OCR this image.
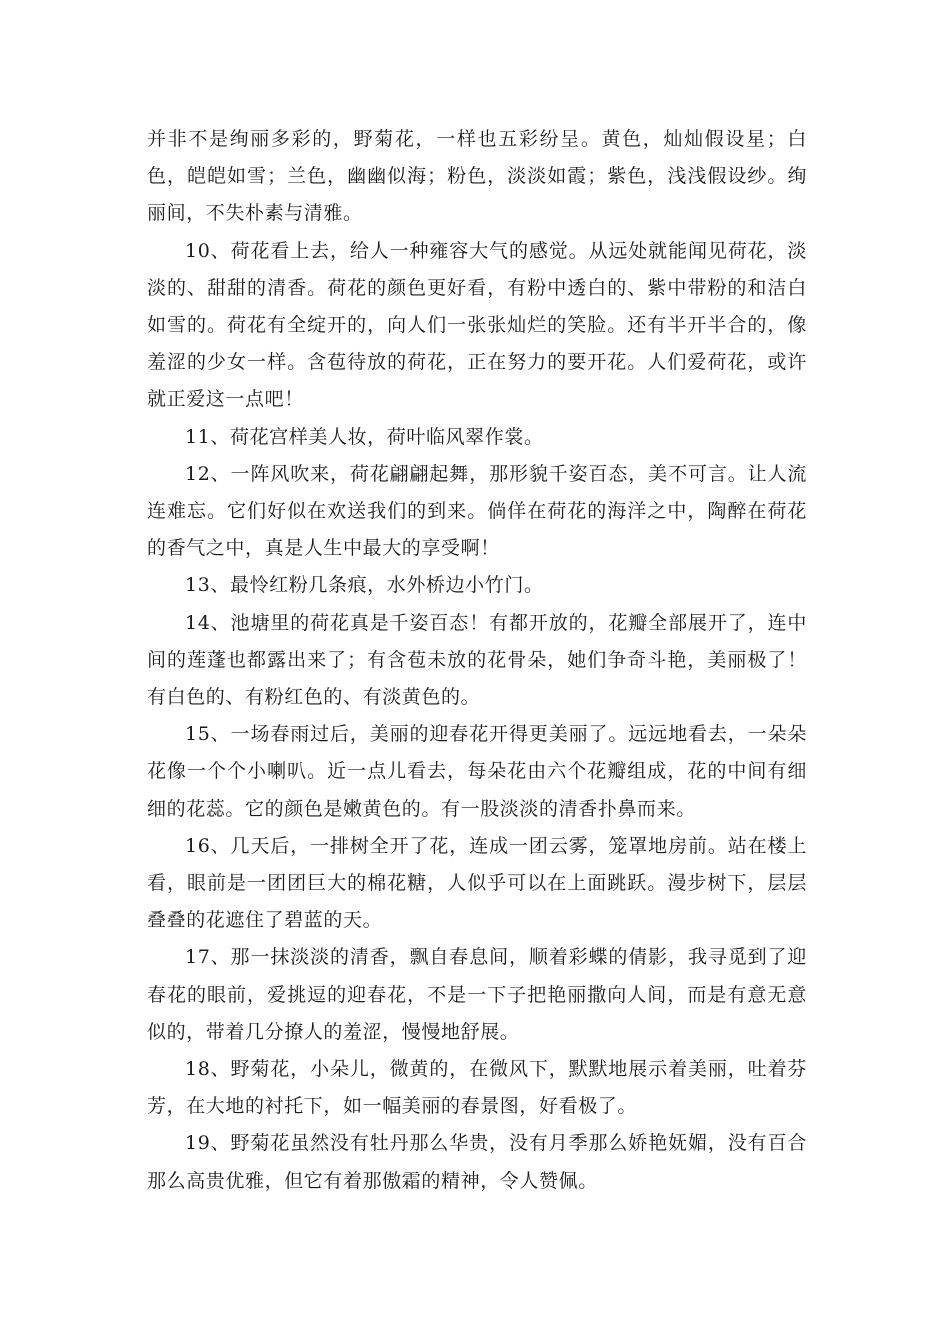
并非不是绚丽多彩的，野菊花，一样也五彩纷呈。黄色，灿灿假设星；白色，皑皑如雪；兰色，幽幽似海；粉色，淡淡如霞；紫色，浅浅假设纱。绚丽间，不失朴素与清雅。

10、荷花看上去，给人一种雍容大气的感觉。从远处就能闻见荷花，淡淡的、甜甜的清香。荷花的颜色更好看，有粉中透白的、紫中带粉的和洁白如雪的。荷花有全绽开的，向人们一张张灿烂的笑脸。还有半开半合的，像羞涩的少女一样。含苞待放的荷花，正在努力的要开花。人们爱荷花，或许就正爱这一点吧！

11、荷花宫样美人妆，荷叶临风翠作裳。

12、一阵风吹来，荷花翩翩起舞，那形貌千姿百态，美不可言。让人流连难忘。它们好似在欢送我们的到来。倘佯在荷花的海洋之中，陶醉在荷花的香气之中，真是人生中最大的享受啊！

13、最怜红粉几条痕，水外桥边小竹门。

14、池塘里的荷花真是千姿百态！有都开放的，花瓣全部展开了，连中间的莲蓬也都露出来了；有含苞未放的花骨朵，她们争奇斗艳，美丽极了！有白色的、有粉红色的、有淡黄色的。

15、一场春雨过后，美丽的迎春花开得更美丽了。远远地看去，一朵朵花像一个个小喇叭。近一点儿看去，每朵花由六个花瓣组成，花的中间有细细的花蕊。它的颜色是嫩黄色的。有一股淡淡的清香扑鼻而来。

16、几天后，一排树全开了花，连成一团云雾，笼罩地房前。站在楼上看，眼前是一团团巨大的棉花糖，人似乎可以在上面跳跃。漫步树下，层层叠叠的花遮住了碧蓝的天。

17、那一抹淡淡的清香，飘自春息间，顺着彩蝶的倩影，我寻觅到了迎春花的眼前，爱挑逗的迎春花，不是一下子把艳丽撒向人间，而是有意无意似的，带着几分撩人的羞涩，慢慢地舒展。

18、野菊花，小朵儿，微黄的，在微风下，默默地展示着美丽，吐着芬芳，在大地的衬托下，如一幅美丽的春景图，好看极了。

19、野菊花虽然没有牡丹那么华贵，没有月季那么娇艳妩媚，没有百合那么高贵优雅，但它有着那傲霜的精神，令人赞佩。
